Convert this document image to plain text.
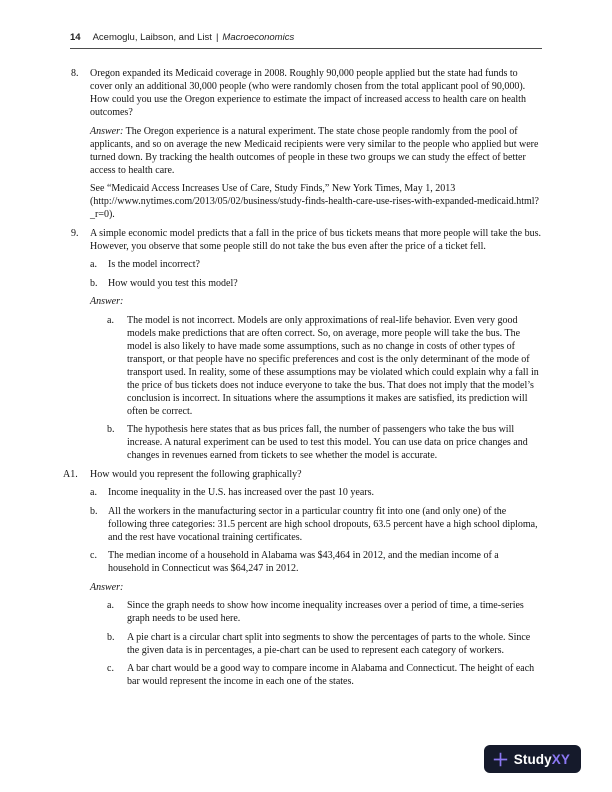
14 Acemoglu, Laibson, and List | Macroeconomics
8. Oregon expanded its Medicaid coverage in 2008. Roughly 90,000 people applied but the state had funds to cover only an additional 30,000 people (who were randomly chosen from the total applicant pool of 90,000). How could you use the Oregon experience to estimate the impact of increased access to health care on health outcomes?
Answer: The Oregon experience is a natural experiment. The state chose people randomly from the pool of applicants, and so on average the new Medicaid recipients were very similar to the people who applied but were turned down. By tracking the health outcomes of people in these two groups we can study the effect of better access to health care.
See “Medicaid Access Increases Use of Care, Study Finds,” New York Times, May 1, 2013 (http://www.nytimes.com/2013/05/02/business/study-finds-health-care-use-rises-with-expanded-medicaid.html?_r=0).
9. A simple economic model predicts that a fall in the price of bus tickets means that more people will take the bus. However, you observe that some people still do not take the bus even after the price of a ticket fell.
a. Is the model incorrect?
b. How would you test this model?
Answer:
a. The model is not incorrect. Models are only approximations of real-life behavior. Even very good models make predictions that are often correct. So, on average, more people will take the bus. The model is also likely to have made some assumptions, such as no change in costs of other types of transport, or that people have no specific preferences and cost is the only determinant of the mode of transport used. In reality, some of these assumptions may be violated which could explain why a fall in the price of bus tickets does not induce everyone to take the bus. That does not imply that the model’s conclusion is incorrect. In situations where the assumptions it makes are satisfied, its prediction will often be correct.
b. The hypothesis here states that as bus prices fall, the number of passengers who take the bus will increase. A natural experiment can be used to test this model. You can use data on price changes and changes in revenues earned from tickets to see whether the model is accurate.
A1. How would you represent the following graphically?
a. Income inequality in the U.S. has increased over the past 10 years.
b. All the workers in the manufacturing sector in a particular country fit into one (and only one) of the following three categories: 31.5 percent are high school dropouts, 63.5 percent have a high school diploma, and the rest have vocational training certificates.
c. The median income of a household in Alabama was $43,464 in 2012, and the median income of a household in Connecticut was $64,247 in 2012.
Answer:
a. Since the graph needs to show how income inequality increases over a period of time, a time-series graph needs to be used here.
b. A pie chart is a circular chart split into segments to show the percentages of parts to the whole. Since the given data is in percentages, a pie-chart can be used to represent each category of workers.
c. A bar chart would be a good way to compare income in Alabama and Connecticut. The height of each bar would represent the income in each one of the states.
StudyXY
